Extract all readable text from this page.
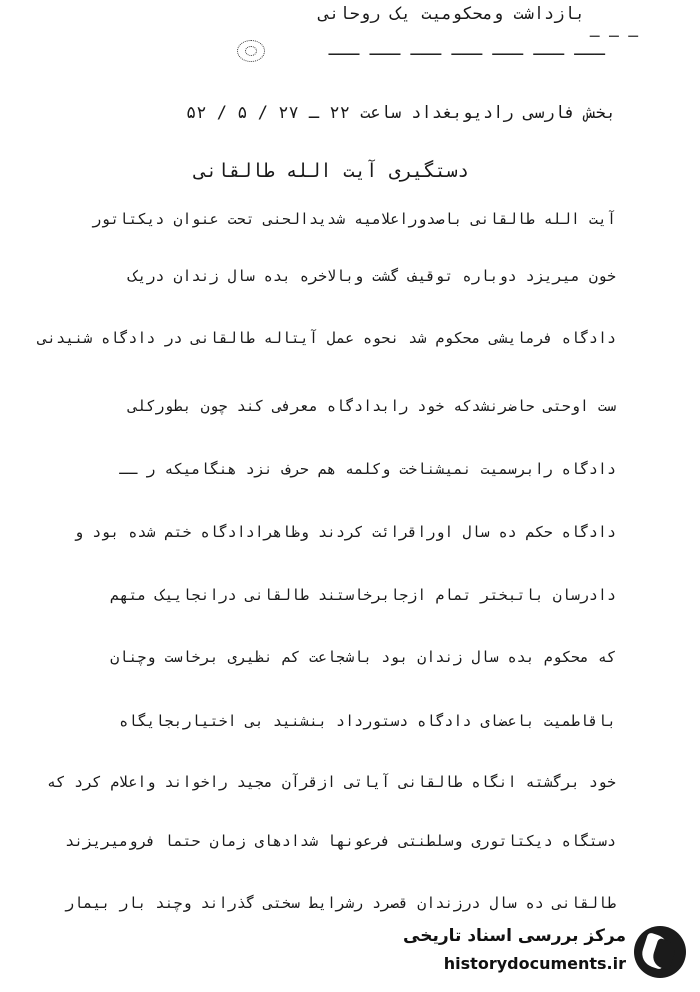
بازداشت ومحکومیت یک روحانی
ـــ ـــ ـــ ـــ ـــ ـــ ـــ
ـ ـ ـ
بخش فارسی رادیوبغداد ساعت ۲۲ ـ ۲۷ / ۵ / ۵۲
دستگیری آیت الله طالقانی
آیت الله طالقانی باصدوراعلامیه شدیدالحنی تحت عنوان دیکتاتور
خون میریزد دوباره توقیف گشت وبالاخره بده سال زندان دریک
دادگاه فرمایشی محکوم شد نحوه عمل آیتاله طالقانی در دادگاه شنیدنی
ست اوحتی حاضرنشدکه خود رابدادگاه معرفی کند چون بطورکلی
دادگاه رابرسمیت نمیشناخت وکلمه هم حرف نزد هنگامیکه ر ــ
دادگاه حکم ده سال اوراقرائت کردند وظاهرادادگاه ختم شده بود و
دادرسان باتبختر تمام ازجابرخاستند طالقانی درانجاییک متهم
که محکوم بده سال زندان بود باشجاعت کم نظیری برخاست وچنان
باقاطمیت باعضای دادگاه دستورداد بنشنید بی اختیاربجایگاه
خود برگشته انگاه طالقانی آیاتی ازقرآن مجید راخواند واعلام کرد که
دستگاه دیکتاتوری وسلطنتی فرعونها شدادهای زمان حتما فرومیریزند
طالقانی ده سال درزندان قصرد رشرایط سختی گذراند وچند بار بیمار
مرکز بررسی اسناد تاریخی
historydocuments.ir
